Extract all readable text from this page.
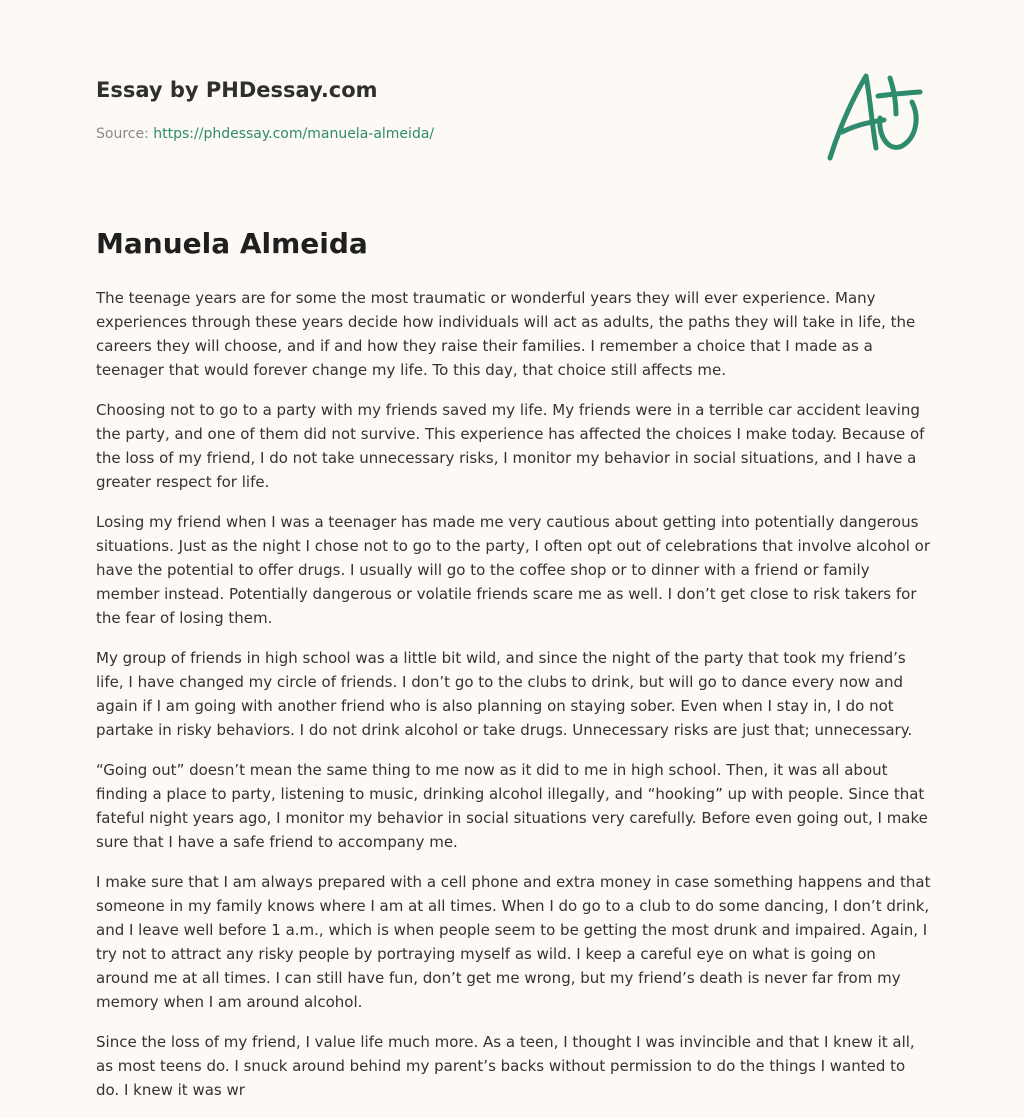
Essay by PHDessay.com
Source: https://phdessay.com/manuela-almeida/
Manuela Almeida

The teenage years are for some the most traumatic or wonderful years they will ever experience. Many experiences through these years decide how individuals will act as adults, the paths they will take in life, the careers they will choose, and if and how they raise their families. I remember a choice that I made as a teenager that would forever change my life. To this day, that choice still affects me.

Choosing not to go to a party with my friends saved my life. My friends were in a terrible car accident leaving the party, and one of them did not survive. This experience has affected the choices I make today. Because of the loss of my friend, I do not take unnecessary risks, I monitor my behavior in social situations, and I have a greater respect for life.

Losing my friend when I was a teenager has made me very cautious about getting into potentially dangerous situations. Just as the night I chose not to go to the party, I often opt out of celebrations that involve alcohol or have the potential to offer drugs. I usually will go to the coffee shop or to dinner with a friend or family member instead. Potentially dangerous or volatile friends scare me as well. I don’t get close to risk takers for the fear of losing them.

My group of friends in high school was a little bit wild, and since the night of the party that took my friend’s life, I have changed my circle of friends. I don’t go to the clubs to drink, but will go to dance every now and again if I am going with another friend who is also planning on staying sober. Even when I stay in, I do not partake in risky behaviors. I do not drink alcohol or take drugs. Unnecessary risks are just that; unnecessary.

“Going out” doesn’t mean the same thing to me now as it did to me in high school. Then, it was all about finding a place to party, listening to music, drinking alcohol illegally, and “hooking” up with people. Since that fateful night years ago, I monitor my behavior in social situations very carefully. Before even going out, I make sure that I have a safe friend to accompany me.

I make sure that I am always prepared with a cell phone and extra money in case something happens and that someone in my family knows where I am at all times. When I do go to a club to do some dancing, I don’t drink, and I leave well before 1 a.m., which is when people seem to be getting the most drunk and impaired. Again, I try not to attract any risky people by portraying myself as wild. I keep a careful eye on what is going on around me at all times. I can still have fun, don’t get me wrong, but my friend’s death is never far from my memory when I am around alcohol.

Since the loss of my friend, I value life much more. As a teen, I thought I was invincible and that I knew it all, as most teens do. I snuck around behind my parent’s backs without permission to do the things I wanted to do. I knew it was wr
